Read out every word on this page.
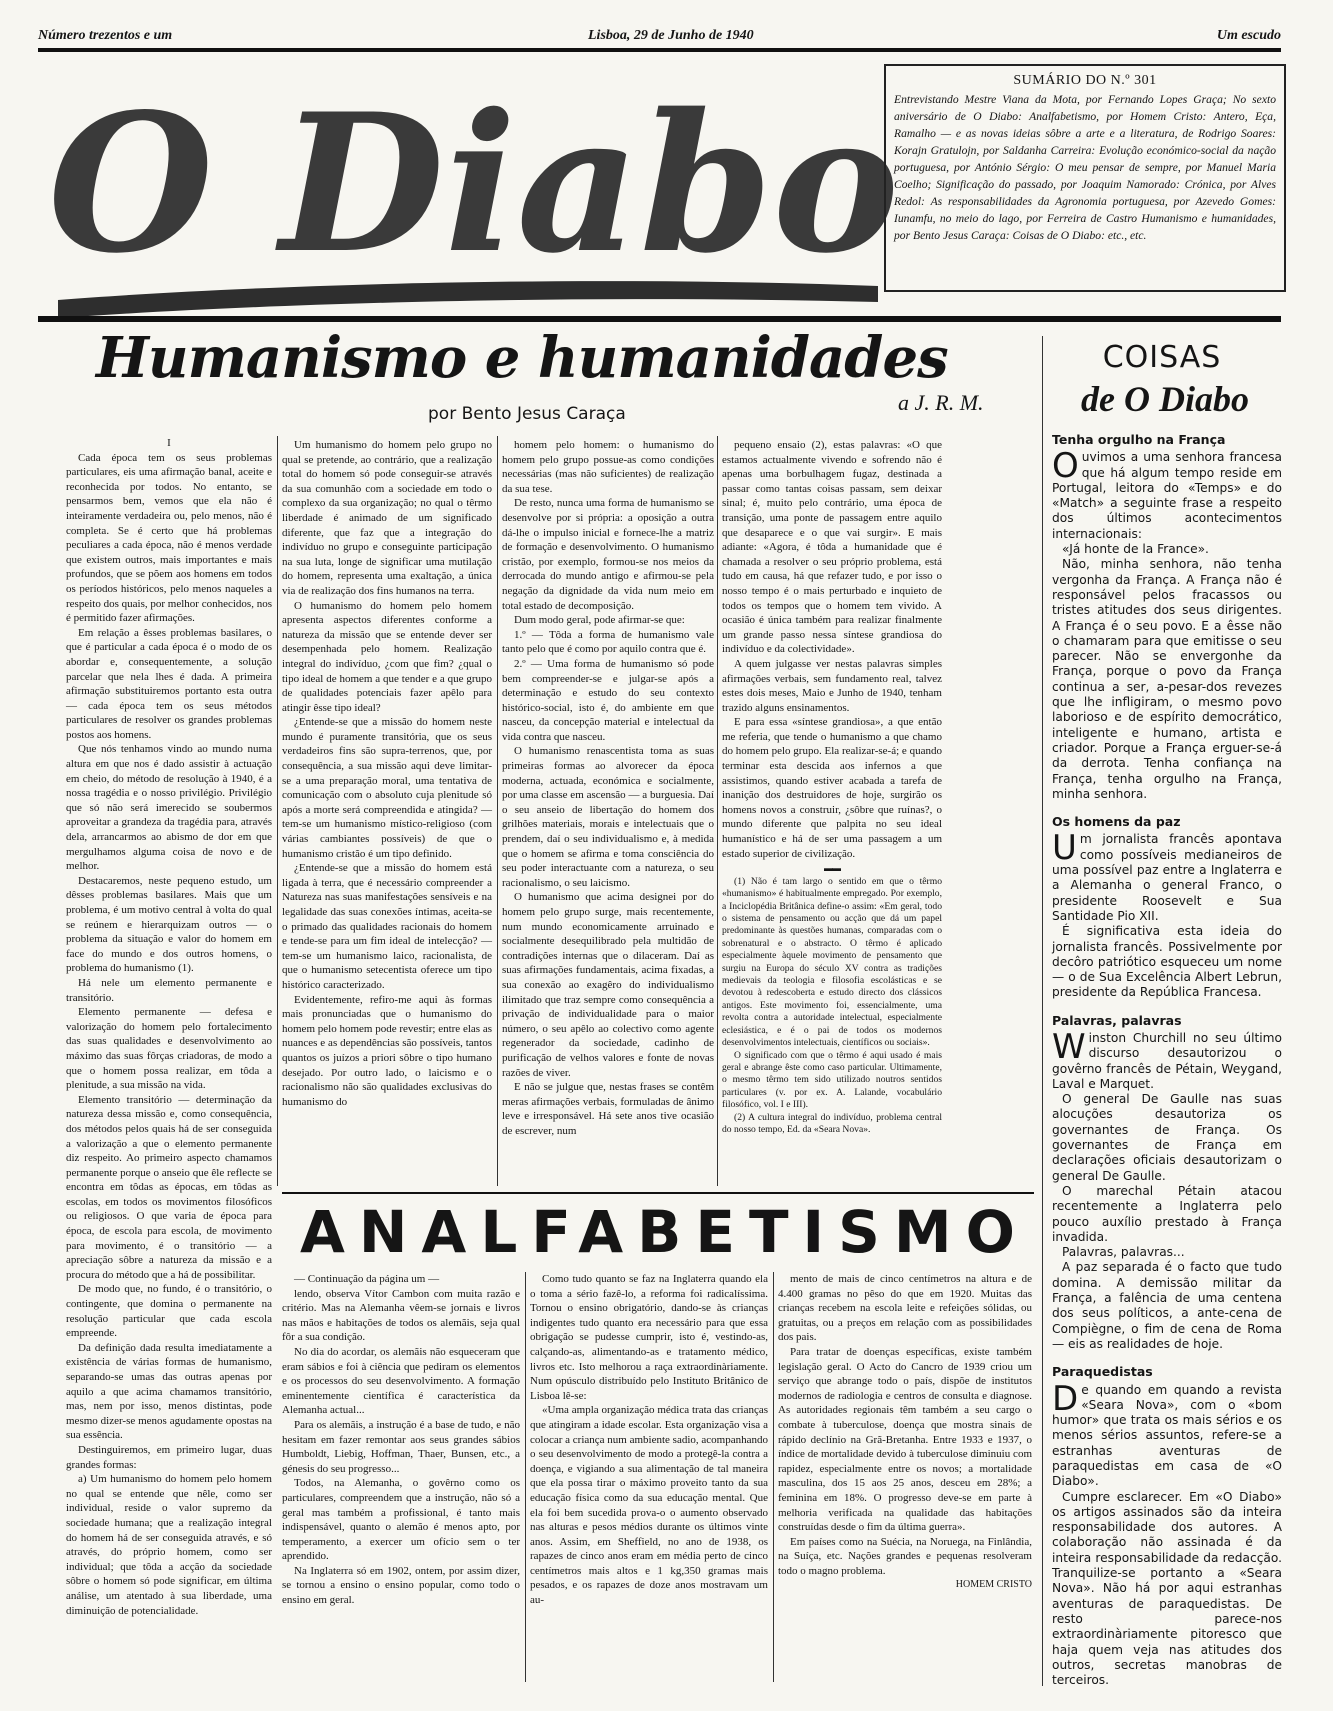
Número trezentos e um	Lisboa, 29 de Junho de 1940	Um escudo
O Diabo	SUMÁRIO DO N.º 301
Entrevistando Mestre Viana da Mota, por Fernando Lopes Graça; No sexto aniversário de O Diabo: Analfabetismo, por Homem Cristo: Antero, Eça, Ramalho — e as novas ideias sôbre a arte e a literatura, de Rodrigo Soares: Korajn Gratulojn, por Saldanha Carreira: Evolução económico-social da nação portuguesa, por António Sérgio: O meu pensar de sempre, por Manuel Maria Coelho; Significação do passado, por Joaquim Namorado: Crónica, por Alves Redol: As responsabilidades da Agronomia portuguesa, por Azevedo Gomes: Iunamfu, no meio do lago, por Ferreira de Castro Humanismo e humanidades, por Bento Jesus Caraça: Coisas de O Diabo: etc., etc.
Humanismo e humanidades
a J. R. M.
por Bento Jesus Caraça

I

Cada época tem os seus problemas particulares, eis uma afirmação banal, aceite e reconhecida por todos. No entanto, se pensarmos bem, vemos que ela não é inteiramente verdadeira ou, pelo menos, não é completa. Se é certo que há problemas peculiares a cada época, não é menos verdade que existem outros, mais importantes e mais profundos, que se põem aos homens em todos os períodos históricos, pelo menos naqueles a respeito dos quais, por melhor conhecidos, nos é permitido fazer afirmações.

Em relação a êsses problemas basilares, o que é particular a cada época é o modo de os abordar e, consequentemente, a solução parcelar que nela lhes é dada. A primeira afirmação substituiremos portanto esta outra — cada época tem os seus métodos particulares de resolver os grandes problemas postos aos homens.

Que nós tenhamos vindo ao mundo numa altura em que nos é dado assistir à actuação em cheio, do método de resolução à 1940, é a nossa tragédia e o nosso privilégio. Privilégio que só não será imerecido se soubermos aproveitar a grandeza da tragédia para, através dela, arrancarmos ao abismo de dor em que mergulhamos alguma coisa de novo e de melhor.

Destacaremos, neste pequeno estudo, um dêsses problemas basilares. Mais que um problema, é um motivo central à volta do qual se reúnem e hierarquizam outros — o problema da situação e valor do homem em face do mundo e dos outros homens, o problema do humanismo (1).

Há nele um elemento permanente e transitório.

Elemento permanente — defesa e valorização do homem pelo fortalecimento das suas qualidades e desenvolvimento ao máximo das suas fôrças criadoras, de modo a que o homem possa realizar, em tôda a plenitude, a sua missão na vida.

Elemento transitório — determinação da natureza dessa missão e, como consequência, dos métodos pelos quais há de ser conseguida a valorização a que o elemento permanente diz respeito. Ao primeiro aspecto chamamos permanente porque o anseio que êle reflecte se encontra em tôdas as épocas, em tôdas as escolas, em todos os movimentos filosóficos ou religiosos. O que varia de época para época, de escola para escola, de movimento para movimento, é o transitório — a apreciação sôbre a natureza da missão e a procura do método que a há de possibilitar.

De modo que, no fundo, é o transitório, o contingente, que domina o permanente na resolução particular que cada escola empreende.

Da definição dada resulta imediatamente a existência de várias formas de humanismo, separando-se umas das outras apenas por aquilo a que acima chamamos transitório, mas, nem por isso, menos distintas, pode mesmo dizer-se menos agudamente opostas na sua essência.

Destinguiremos, em primeiro lugar, duas grandes formas:

a) Um humanismo do homem pelo homem no qual se entende que nêle, como ser individual, reside o valor supremo da sociedade humana; que a realização integral do homem há de ser conseguida através, e só através, do próprio homem, como ser individual; que tôda a acção da sociedade sôbre o homem só pode significar, em última análise, um atentado à sua liberdade, uma diminuição de potencialidade.

Um humanismo do homem pelo grupo no qual se pretende, ao contrário, que a realização total do homem só pode conseguir-se através da sua comunhão com a sociedade em todo o complexo da sua organização; no qual o têrmo liberdade é animado de um significado diferente, que faz que a integração do indivíduo no grupo e conseguinte participação na sua luta, longe de significar uma mutilação do homem, representa uma exaltação, a única via de realização dos fins humanos na terra.

O humanismo do homem pelo homem apresenta aspectos diferentes conforme a natureza da missão que se entende dever ser desempenhada pelo homem. Realização integral do indivíduo, ¿com que fim? ¿qual o tipo ideal de homem a que tender e a que grupo de qualidades potenciais fazer apêlo para atingir êsse tipo ideal?

¿Entende-se que a missão do homem neste mundo é puramente transitória, que os seus verdadeiros fins são supra-terrenos, que, por consequência, a sua missão aqui deve limitar-se a uma preparação moral, uma tentativa de comunicação com o absoluto cuja plenitude só após a morte será compreendida e atingida? — tem-se um humanismo místico-religioso (com várias cambiantes possíveis) de que o humanismo cristão é um tipo definido.

¿Entende-se que a missão do homem está ligada à terra, que é necessário compreender a Natureza nas suas manifestações sensíveis e na legalidade das suas conexões íntimas, aceita-se o primado das qualidades racionais do homem e tende-se para um fim ideal de intelecção? — tem-se um humanismo laico, racionalista, de que o humanismo setecentista oferece um tipo histórico caracterizado.

Evidentemente, refiro-me aqui às formas mais pronunciadas que o humanismo do homem pelo homem pode revestir; entre elas as nuances e as dependências são possíveis, tantos quantos os juízos a priori sôbre o tipo humano desejado. Por outro lado, o laicismo e o racionalismo não são qualidades exclusivas do humanismo do

homem pelo homem: o humanismo do homem pelo grupo possue-as como condições necessárias (mas não suficientes) de realização da sua tese.

De resto, nunca uma forma de humanismo se desenvolve por si própria: a oposição a outra dá-lhe o impulso inicial e fornece-lhe a matriz de formação e desenvolvimento. O humanismo cristão, por exemplo, formou-se nos meios da derrocada do mundo antigo e afirmou-se pela negação da dignidade da vida num meio em total estado de decomposição.

Dum modo geral, pode afirmar-se que:

1.º — Tôda a forma de humanismo vale tanto pelo que é como por aquilo contra que é.

2.º — Uma forma de humanismo só pode bem compreender-se e julgar-se após a determinação e estudo do seu contexto histórico-social, isto é, do ambiente em que nasceu, da concepção material e intelectual da vida contra que nasceu.

O humanismo renascentista toma as suas primeiras formas ao alvorecer da época moderna, actuada, económica e socialmente, por uma classe em ascensão — a burguesia. Daí o seu anseio de libertação do homem dos grilhões materiais, morais e intelectuais que o prendem, daí o seu individualismo e, à medida que o homem se afirma e toma consciência do seu poder interactuante com a natureza, o seu racionalismo, o seu laicismo.

O humanismo que acima designei por do homem pelo grupo surge, mais recentemente, num mundo economicamente arruinado e socialmente desequilibrado pela multidão de contradições internas que o dilaceram. Daí as suas afirmações fundamentais, acima fixadas, a sua conexão ao exagêro do individualismo ilimitado que traz sempre como consequência a privação de individualidade para o maior número, o seu apêlo ao colectivo como agente regenerador da sociedade, cadinho de purificação de velhos valores e fonte de novas razões de viver.

E não se julgue que, nestas frases se contêm meras afirmações verbais, formuladas de ânimo leve e irresponsável. Há sete anos tive ocasião de escrever, num

pequeno ensaio (2), estas palavras: «O que estamos actualmente vivendo e sofrendo não é apenas uma borbulhagem fugaz, destinada a passar como tantas coisas passam, sem deixar sinal; é, muito pelo contrário, uma época de transição, uma ponte de passagem entre aquilo que desaparece e o que vai surgir». E mais adiante: «Agora, é tôda a humanidade que é chamada a resolver o seu próprio problema, está tudo em causa, há que refazer tudo, e por isso o nosso tempo é o mais perturbado e inquieto de todos os tempos que o homem tem vivido. A ocasião é única também para realizar finalmente um grande passo nessa síntese grandiosa do indivíduo e da colectividade».

A quem julgasse ver nestas palavras simples afirmações verbais, sem fundamento real, talvez estes dois meses, Maio e Junho de 1940, tenham trazido alguns ensinamentos.

E para essa «síntese grandiosa», a que então me referia, que tende o humanismo a que chamo do homem pelo grupo. Ela realizar-se-á; e quando terminar esta descida aos infernos a que assistimos, quando estiver acabada a tarefa de inanição dos destruidores de hoje, surgirão os homens novos a construir, ¿sôbre que ruínas?, o mundo diferente que palpita no seu ideal humanístico e há de ser uma passagem a um estado superior de civilização.

▬▬

(1) Não é tam largo o sentido em que o têrmo «humanismo» é habitualmente empregado. Por exemplo, a Inciclopédia Britânica define-o assim: «Em geral, todo o sistema de pensamento ou acção que dá um papel predominante às questões humanas, comparadas com o sobrenatural e o abstracto. O têrmo é aplicado especialmente àquele movimento de pensamento que surgiu na Europa do século XV contra as tradições medievais da teologia e filosofia escolásticas e se devotou à redescoberta e estudo directo dos clássicos antigos. Este movimento foi, essencialmente, uma revolta contra a autoridade intelectual, especialmente eclesiástica, e é o pai de todos os modernos desenvolvimentos intelectuais, científicos ou sociais».

O significado com que o têrmo é aqui usado é mais geral e abrange êste como caso particular. Ultimamente, o mesmo têrmo tem sido utilizado noutros sentidos particulares (v. por ex. A. Lalande, vocabulário filosófico, vol. I e III).

(2) A cultura integral do indivíduo, problema central do nosso tempo, Ed. da «Seara Nova».

ANALFABETISMO

— Continuação da página um —

lendo, observa Vítor Cambon com muita razão e critério. Mas na Alemanha vêem-se jornais e livros nas mãos e habitações de todos os alemãis, seja qual fôr a sua condição.

No dia do acordar, os alemãis não esqueceram que eram sábios e foi à ciência que pediram os elementos e os processos do seu desenvolvimento. A formação eminentemente científica é característica da Alemanha actual...

Para os alemãis, a instrução é a base de tudo, e não hesitam em fazer remontar aos seus grandes sábios Humboldt, Liebig, Hoffman, Thaer, Bunsen, etc., a génesis do seu progresso...

Todos, na Alemanha, o govêrno como os particulares, compreendem que a instrução, não só a geral mas também a profissional, é tanto mais indispensável, quanto o alemão é menos apto, por temperamento, a exercer um ofício sem o ter aprendido.

Na Inglaterra só em 1902, ontem, por assim dizer, se tornou a ensino o ensino popular, como todo o ensino em geral.

Como tudo quanto se faz na Inglaterra quando ela o toma a sério fazê-lo, a reforma foi radicalíssima. Tornou o ensino obrigatório, dando-se às crianças indigentes tudo quanto era necessário para que essa obrigação se pudesse cumprir, isto é, vestindo-as, calçando-as, alimentando-as e tratamento médico, livros etc. Isto melhorou a raça extraordinàriamente. Num opúsculo distribuído pelo Instituto Britânico de Lisboa lê-se:

«Uma ampla organização médica trata das crianças que atingiram a idade escolar. Esta organização visa a colocar a criança num ambiente sadio, acompanhando o seu desenvolvimento de modo a protegê-la contra a doença, e vigiando a sua alimentação de tal maneira que ela possa tirar o máximo proveito tanto da sua educação física como da sua educação mental. Que ela foi bem sucedida prova-o o aumento observado nas alturas e pesos médios durante os últimos vinte anos. Assim, em Sheffield, no ano de 1938, os rapazes de cinco anos eram em média perto de cinco centímetros mais altos e 1 kg,350 gramas mais pesados, e os rapazes de doze anos mostravam um au-

mento de mais de cinco centímetros na altura e de 4.400 gramas no pêso do que em 1920. Muitas das crianças recebem na escola leite e refeições sólidas, ou gratuitas, ou a preços em relação com as possibilidades dos pais.

Para tratar de doenças específicas, existe também legislação geral. O Acto do Cancro de 1939 criou um serviço que abrange todo o país, dispõe de institutos modernos de radiologia e centros de consulta e diagnose. As autoridades regionais têm também a seu cargo o combate à tuberculose, doença que mostra sinais de rápido declínio na Grã-Bretanha. Entre 1933 e 1937, o índice de mortalidade devido à tuberculose diminuiu com rapidez, especialmente entre os novos; a mortalidade masculina, dos 15 aos 25 anos, desceu em 28%; a feminina em 18%. O progresso deve-se em parte à melhoria verificada na qualidade das habitações construídas desde o fim da última guerra».

Em países como na Suécia, na Noruega, na Finlândia, na Suíça, etc. Nações grandes e pequenas resolveram todo o magno problema.

HOMEM CRISTO

COISAS
de O Diabo
Tenha orgulho na França

Ouvimos a uma senhora francesa que há algum tempo reside em Portugal, leitora do «Temps» e do «Match» a seguinte frase a respeito dos últimos acontecimentos internacionais:

«Já honte de la France».

Não, minha senhora, não tenha vergonha da França. A França não é responsável pelos fracassos ou tristes atitudes dos seus dirigentes. A França é o seu povo. E a êsse não o chamaram para que emitisse o seu parecer. Não se envergonhe da França, porque o povo da França continua a ser, a-pesar-dos revezes que lhe infligiram, o mesmo povo laborioso e de espírito democrático, inteligente e humano, artista e criador. Porque a França erguer-se-á da derrota. Tenha confiança na França, tenha orgulho na França, minha senhora.

Os homens da paz

Um jornalista francês apontava como possíveis medianeiros de uma possível paz entre a Inglaterra e a Alemanha o general Franco, o presidente Roosevelt e Sua Santidade Pio XII.

É significativa esta ideia do jornalista francês. Possivelmente por decôro patriótico esqueceu um nome — o de Sua Excelência Albert Lebrun, presidente da República Francesa.

Palavras, palavras

Winston Churchill no seu último discurso desautorizou o govêrno francês de Pétain, Weygand, Laval e Marquet.

O general De Gaulle nas suas alocuções desautoriza os governantes de França. Os governantes de França em declarações oficiais desautorizam o general De Gaulle.

O marechal Pétain atacou recentemente a Inglaterra pelo pouco auxílio prestado à França invadida.

Palavras, palavras...

A paz separada é o facto que tudo domina. A demissão militar da França, a falência de uma centena dos seus políticos, a ante-cena de Compiègne, o fim de cena de Roma — eis as realidades de hoje.

Paraquedistas

De quando em quando a revista «Seara Nova», com o «bom humor» que trata os mais sérios e os menos sérios assuntos, refere-se a estranhas aventuras de paraquedistas em casa de «O Diabo».

Cumpre esclarecer. Em «O Diabo» os artigos assinados são da inteira responsabilidade dos autores. A colaboração não assinada é da inteira responsabilidade da redacção. Tranquilize-se portanto a «Seara Nova». Não há por aqui estranhas aventuras de paraquedistas. De resto parece-nos extraordinàriamente pitoresco que haja quem veja nas atitudes dos outros, secretas manobras de terceiros.
